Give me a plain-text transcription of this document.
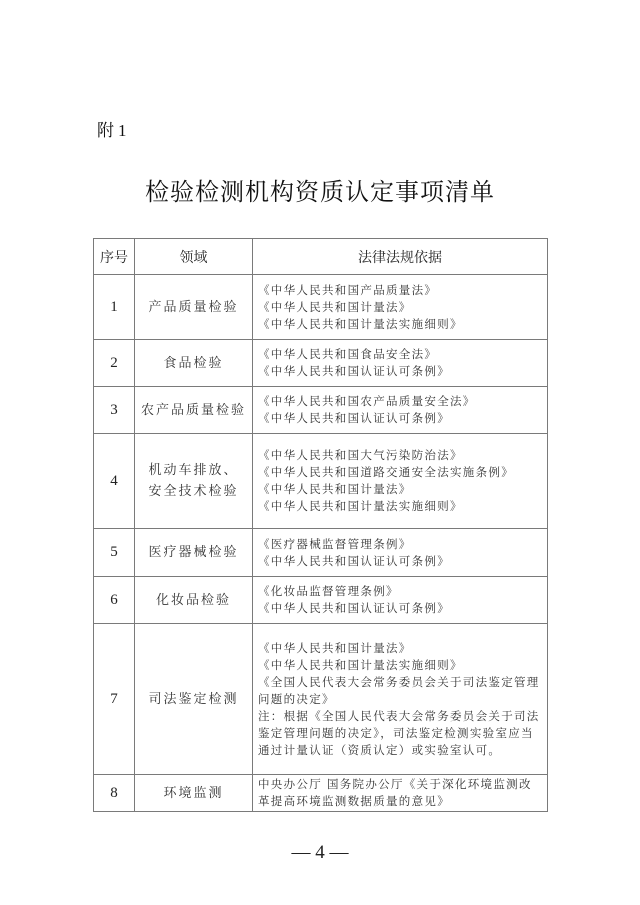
附 1
检验检测机构资质认定事项清单
序号	领域	法律法规依据
1	产品质量检验	《中华人民共和国产品质量法》
《中华人民共和国计量法》
《中华人民共和国计量法实施细则》

2	食品检验	《中华人民共和国食品安全法》
《中华人民共和国认证认可条例》

3	农产品质量检验	《中华人民共和国农产品质量安全法》
《中华人民共和国认证认可条例》

4	机动车排放、
安全技术检验	《中华人民共和国大气污染防治法》
《中华人民共和国道路交通安全法实施条例》
《中华人民共和国计量法》
《中华人民共和国计量法实施细则》

5	医疗器械检验	《医疗器械监督管理条例》
《中华人民共和国认证认可条例》

6	化妆品检验	《化妆品监督管理条例》
《中华人民共和国认证认可条例》

7	司法鉴定检测	《中华人民共和国计量法》
《中华人民共和国计量法实施细则》
《全国人民代表大会常务委员会关于司法鉴定管理问题的决定》
注：根据《全国人民代表大会常务委员会关于司法鉴定管理问题的决定》，司法鉴定检测实验室应当通过计量认证（资质认定）或实验室认可。

8	环境监测	中央办公厅 国务院办公厅《关于深化环境监测改革提高环境监测数据质量的意见》
— 4 —
